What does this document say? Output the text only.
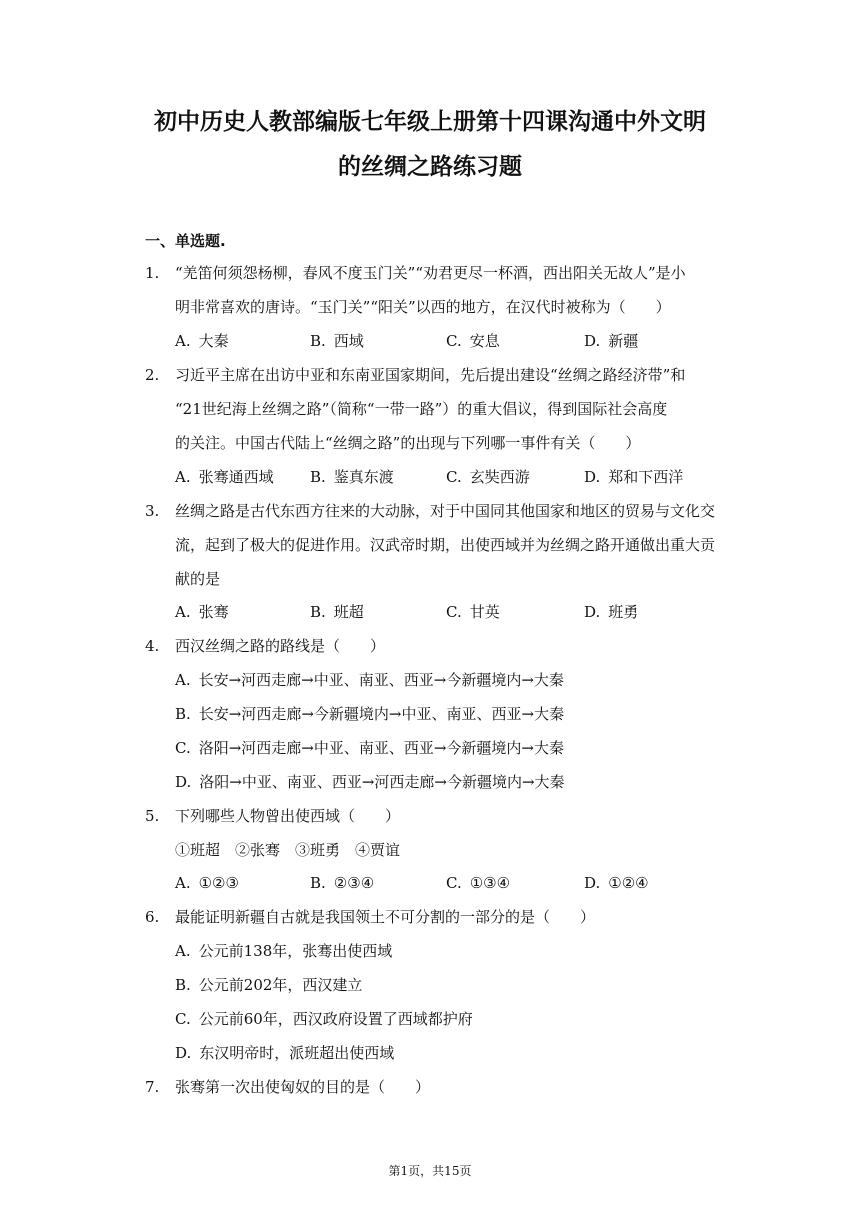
初中历史人教部编版七年级上册第十四课沟通中外文明
的丝绸之路练习题
一、单选题.
1. “羌笛何须怨杨柳，春风不度玉门关”“劝君更尽一杯酒，西出阳关无故人”是小
明非常喜欢的唐诗。“玉门关”“阳关”以西的地方，在汉代时被称为（　　）
A. 大秦	B. 西域	C. 安息	D. 新疆
2. 习近平主席在出访中亚和东南亚国家期间，先后提出建设“丝绸之路经济带”和
“21世纪海上丝绸之路”（简称“一带一路”）的重大倡议，得到国际社会高度
的关注。中国古代陆上“丝绸之路”的出现与下列哪一事件有关（　　）
A. 张骞通西域 B. 鉴真东渡	C. 玄奘西游	D. 郑和下西洋
3. 丝绸之路是古代东西方往来的大动脉，对于中国同其他国家和地区的贸易与文化交
流，起到了极大的促进作用。汉武帝时期，出使西域并为丝绸之路开通做出重大贡
献的是
A. 张骞	B. 班超	C. 甘英	D. 班勇
4. 西汉丝绸之路的路线是（　　）
A. 长安→河西走廊→中亚、南亚、西亚→今新疆境内→大秦
B. 长安→河西走廊→今新疆境内→中亚、南亚、西亚→大秦
C. 洛阳→河西走廊→中亚、南亚、西亚→今新疆境内→大秦
D. 洛阳→中亚、南亚、西亚→河西走廊→今新疆境内→大秦
5. 下列哪些人物曾出使西域（　　）
①班超　②张骞　③班勇　④贾谊
A. ①②③	B. ②③④	C. ①③④	D. ①②④
6. 最能证明新疆自古就是我国领土不可分割的一部分的是（　　）
A. 公元前138年，张骞出使西域
B. 公元前202年，西汉建立
C. 公元前60年，西汉政府设置了西域都护府
D. 东汉明帝时，派班超出使西域
7. 张骞第一次出使匈奴的目的是（　　）
第1页，共15页
